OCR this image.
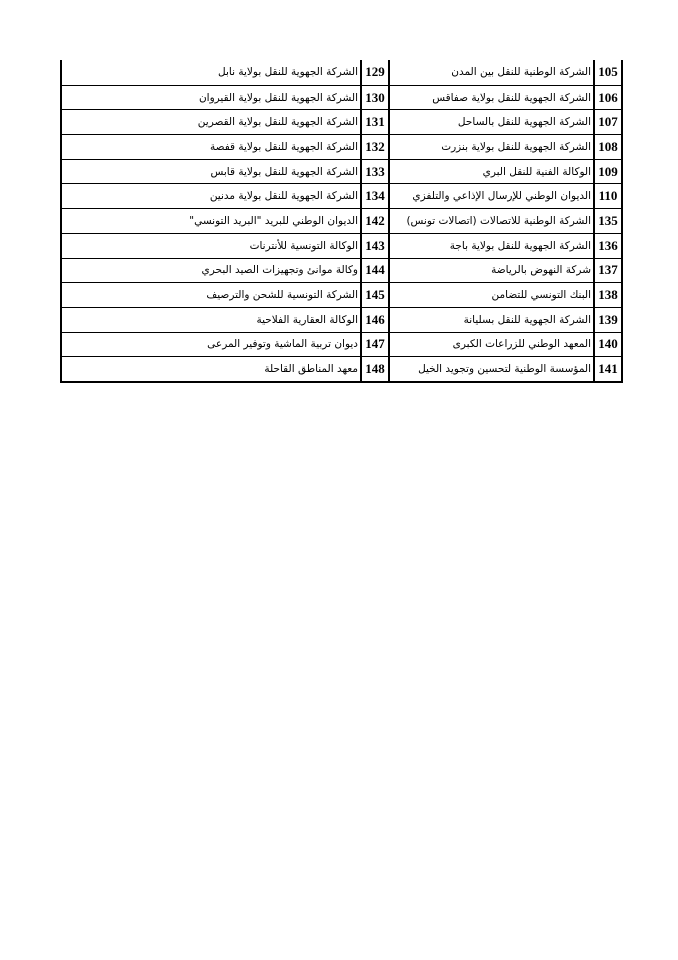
105
الشركة الوطنية للنقل بين المدن
129
الشركة الجهوية للنقل بولاية نابل
106
الشركة الجهوية للنقل بولاية صفاقس
130
الشركة الجهوية للنقل بولاية القيروان
107
الشركة الجهوية للنقل بالساحل
131
الشركة الجهوية للنقل بولاية القصرين
108
الشركة الجهوية للنقل بولاية بنزرت
132
الشركة الجهوية للنقل بولاية قفصة
109
الوكالة الفنية للنقل البري
133
الشركة الجهوية للنقل بولاية قابس
110
الديوان الوطني للإرسال الإذاعي والتلفزي
134
الشركة الجهوية للنقل بولاية مدنين
135
الشركة الوطنية للاتصالات (اتصالات تونس)
142
الديوان الوطني للبريد "البريد التونسي"
136
الشركة الجهوية للنقل بولاية باجة
143
الوكالة التونسية للأنترنات
137
شركة النهوض بالرياضة
144
وكالة موانئ وتجهيزات الصيد البحري
138
البنك التونسي للتضامن
145
الشركة التونسية للشحن والترصيف
139
الشركة الجهوية للنقل بسليانة
146
الوكالة العقارية الفلاحية
140
المعهد الوطني للزراعات الكبرى
147
ديوان تربية الماشية وتوفير المرعى
141
المؤسسة الوطنية لتحسين وتجويد الخيل
148
معهد المناطق القاحلة
